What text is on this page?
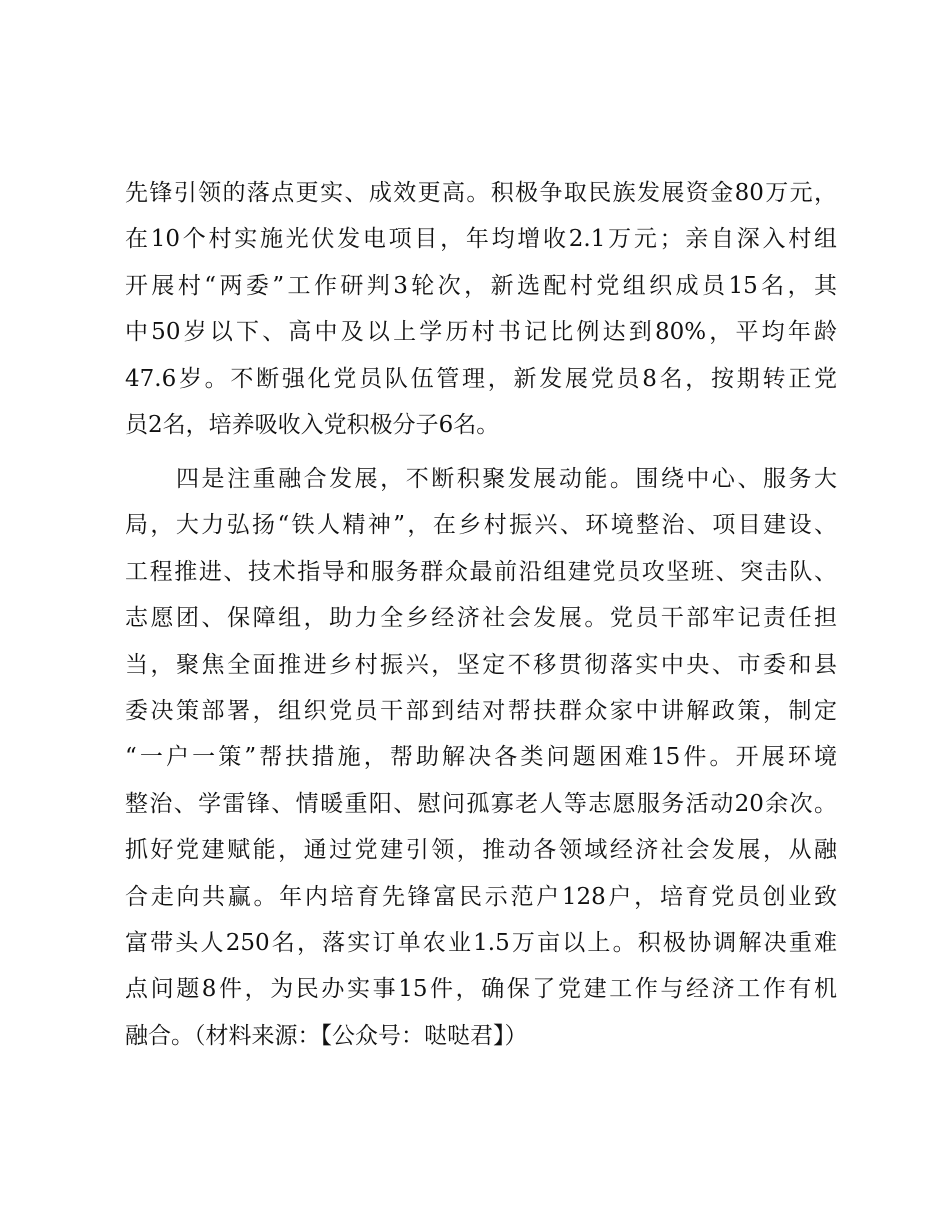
先锋引领的落点更实、成效更高。积极争取民族发展资金80万元，
在10个村实施光伏发电项目，年均增收2.1万元；亲自深入村组
开展村“两委”工作研判3轮次，新选配村党组织成员15名，其
中50岁以下、高中及以上学历村书记比例达到80%，平均年龄
47.6岁。不断强化党员队伍管理，新发展党员8名，按期转正党
员2名，培养吸收入党积极分子6名。
　　四是注重融合发展，不断积聚发展动能。围绕中心、服务大
局，大力弘扬“铁人精神”，在乡村振兴、环境整治、项目建设、
工程推进、技术指导和服务群众最前沿组建党员攻坚班、突击队、
志愿团、保障组，助力全乡经济社会发展。党员干部牢记责任担
当，聚焦全面推进乡村振兴，坚定不移贯彻落实中央、市委和县
委决策部署，组织党员干部到结对帮扶群众家中讲解政策，制定
“一户一策”帮扶措施，帮助解决各类问题困难15件。开展环境
整治、学雷锋、情暖重阳、慰问孤寡老人等志愿服务活动20余次。
抓好党建赋能，通过党建引领，推动各领域经济社会发展，从融
合走向共赢。年内培育先锋富民示范户128户，培育党员创业致
富带头人250名，落实订单农业1.5万亩以上。积极协调解决重难
点问题8件，为民办实事15件，确保了党建工作与经济工作有机
融合。（材料来源：【公众号：哒哒君】）
